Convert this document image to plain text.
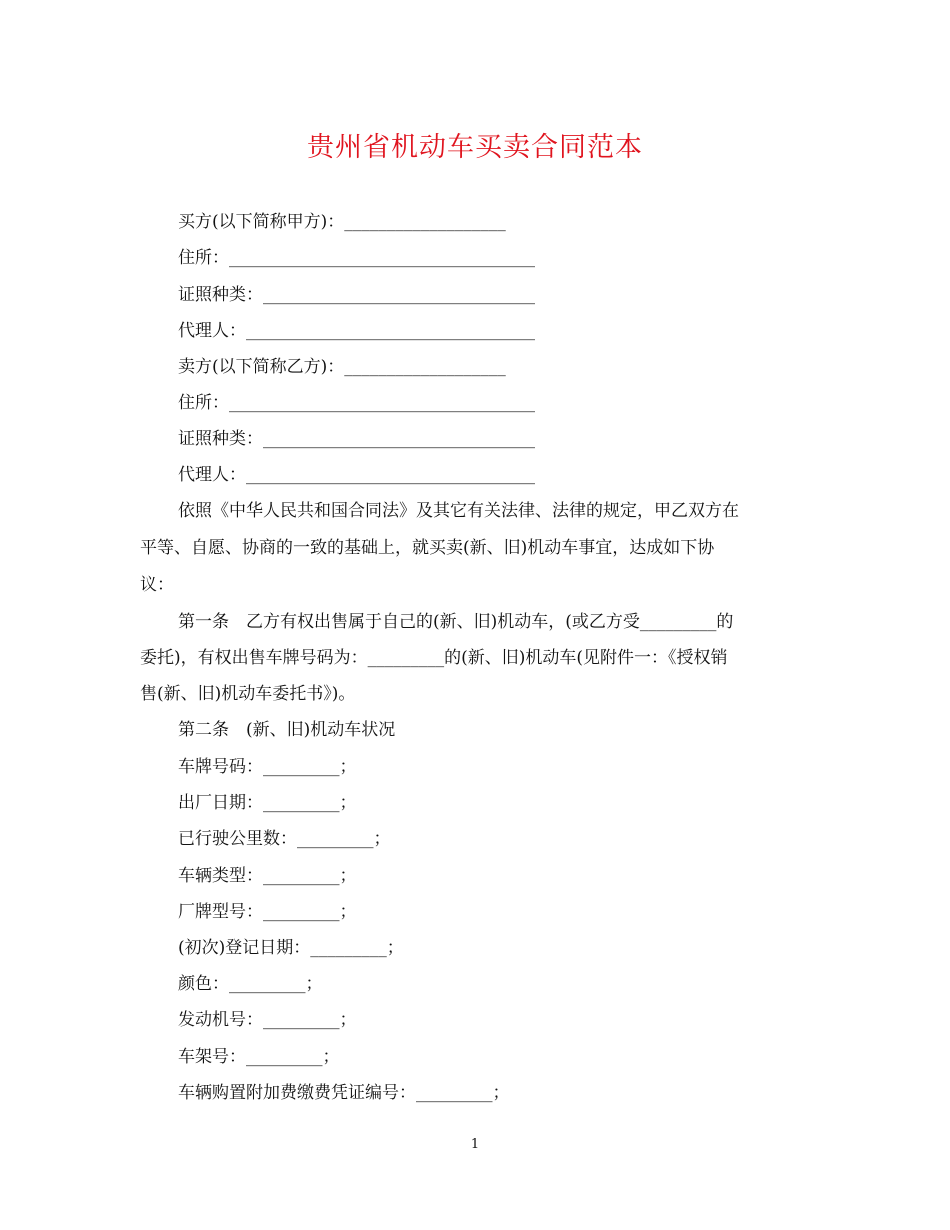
贵州省机动车买卖合同范本
买方(以下简称甲方)：___________________
住所：____________________________________
证照种类：________________________________
代理人：__________________________________
卖方(以下简称乙方)：___________________
住所：____________________________________
证照种类：________________________________
代理人：__________________________________
依照《中华人民共和国合同法》及其它有关法律、法律的规定，甲乙双方在
平等、自愿、协商的一致的基础上，就买卖(新、旧)机动车事宜，达成如下协
议：
第一条　乙方有权出售属于自己的(新、旧)机动车，(或乙方受_________的
委托)，有权出售车牌号码为：_________的(新、旧)机动车(见附件一：《授权销
售(新、旧)机动车委托书》)。
第二条　(新、旧)机动车状况
车牌号码：_________；
出厂日期：_________；
已行驶公里数：_________；
车辆类型：_________；
厂牌型号：_________；
(初次)登记日期：_________；
颜色：_________；
发动机号：_________；
车架号：_________；
车辆购置附加费缴费凭证编号：_________；
1
